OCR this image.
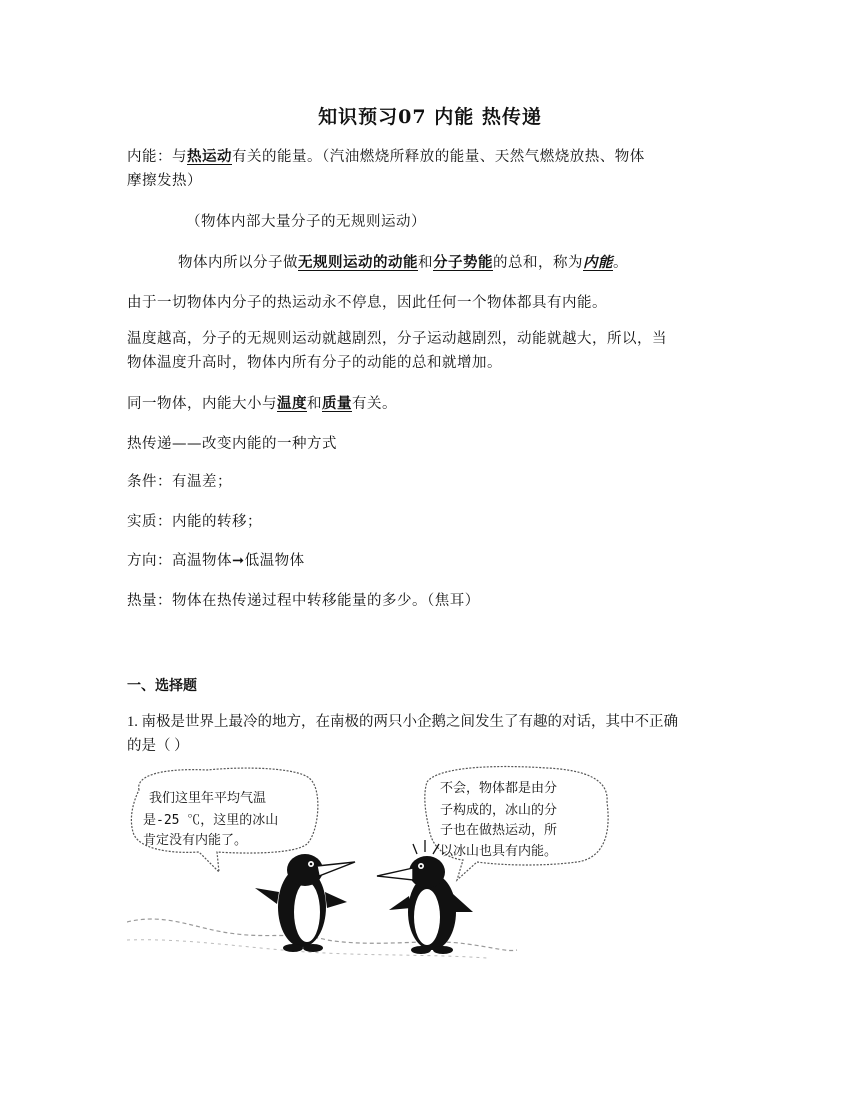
知识预习07 内能 热传递
内能：与热运动有关的能量。（汽油燃烧所释放的能量、天然气燃烧放热、物体
摩擦发热）
（物体内部大量分子的无规则运动）
物体内所以分子做无规则运动的动能和分子势能的总和，称为内能。
由于一切物体内分子的热运动永不停息，因此任何一个物体都具有内能。
温度越高，分子的无规则运动就越剧烈，分子运动越剧烈，动能就越大，所以，当
物体温度升高时，物体内所有分子的动能的总和就增加。
同一物体，内能大小与温度和质量有关。
热传递——改变内能的一种方式
条件：有温差；
实质：内能的转移；
方向：高温物体➞低温物体
热量：物体在热传递过程中转移能量的多少。（焦耳）
一、选择题
1. 南极是世界上最冷的地方，在南极的两只小企鹅之间发生了有趣的对话，其中不正确
的是（ ）
我们这里年平均气温
是-25 ℃，这里的冰山
肯定没有内能了。
不会，物体都是由分
子构成的，冰山的分
子也在做热运动，所
以冰山也具有内能。
